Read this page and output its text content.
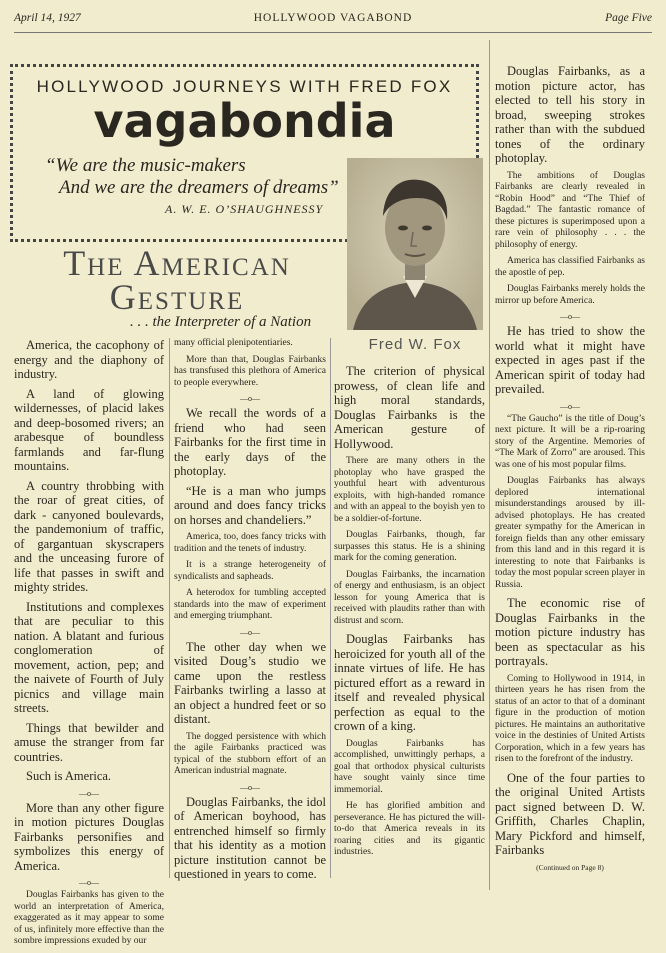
April 14, 1927	HOLLYWOOD VAGABOND	Page Five
HOLLYWOOD JOURNEYS WITH FRED FOX
vagabondia
“We are the music-makers
And we are the dreamers of dreams”
A. W. E. O’SHAUGHNESSY
Fred W. Fox
The American
Gesture
. . . the Interpreter of a Nation

America, the cacophony of energy and the diaphony of industry.

A land of glowing wildernesses, of placid lakes and deep-bosomed rivers; an arabesque of boundless farmlands and far-flung mountains.

A country throbbing with the roar of great cities, of dark - canyoned boulevards, the pandemonium of traffic, of gargantuan skyscrapers and the unceasing furore of life that passes in swift and mighty strides.

Institutions and complexes that are peculiar to this nation. A blatant and furious conglomeration of movement, action, pep; and the naivete of Fourth of July picnics and village main streets.

Things that bewilder and amuse the stranger from far countries.

Such is America.

—o—

More than any other figure in motion pictures Douglas Fairbanks personifies and symbolizes this energy of America.

—o—

Douglas Fairbanks has given to the world an interpretation of America, exaggerated as it may appear to some of us, infinitely more effective than the sombre impressions exuded by our

many official plenipotentiaries.

More than that, Douglas Fairbanks has transfused this plethora of America to people everywhere.

—o—

We recall the words of a friend who had seen Fairbanks for the first time in the early days of the photoplay.

“He is a man who jumps around and does fancy tricks on horses and chandeliers.”

America, too, does fancy tricks with tradition and the tenets of industry.

It is a strange heterogeneity of syndicalists and sapheads.

A heterodox for tumbling accepted standards into the maw of experiment and emerging triumphant.

—o—

The other day when we visited Doug’s studio we came upon the restless Fairbanks twirling a lasso at an object a hundred feet or so distant.

The dogged persistence with which the agile Fairbanks practiced was typical of the stubborn effort of an American industrial magnate.

—o—

Douglas Fairbanks, the idol of American boyhood, has entrenched himself so firmly that his identity as a motion picture institution cannot be questioned in years to come.

The criterion of physical prowess, of clean life and high moral standards, Douglas Fairbanks is the American gesture of Hollywood.

There are many others in the photoplay who have grasped the youthful heart with adventurous exploits, with high-handed romance and with an appeal to the boyish yen to be a soldier-of-fortune.

Douglas Fairbanks, though, far surpasses this status. He is a shining mark for the coming generation.

Douglas Fairbanks, the incarnation of energy and enthusiasm, is an object lesson for young America that is received with plaudits rather than with distrust and scorn.

Douglas Fairbanks has heroicized for youth all of the innate virtues of life. He has pictured effort as a reward in itself and revealed physical perfection as equal to the crown of a king.

Douglas Fairbanks has accomplished, unwittingly perhaps, a goal that orthodox physical culturists have sought vainly since time immemorial.

He has glorified ambition and perseverance. He has pictured the will-to-do that America reveals in its roaring cities and its gigantic industries.

Douglas Fairbanks, as a motion picture actor, has elected to tell his story in broad, sweeping strokes rather than with the subdued tones of the ordinary photoplay.

The ambitions of Douglas Fairbanks are clearly revealed in “Robin Hood” and “The Thief of Bagdad.” The fantastic romance of these pictures is superimposed upon a rare vein of philosophy . . . the philosophy of energy.

America has classified Fairbanks as the apostle of pep.

Douglas Fairbanks merely holds the mirror up before America.

—o—

He has tried to show the world what it might have expected in ages past if the American spirit of today had prevailed.

—o—

“The Gaucho” is the title of Doug’s next picture. It will be a rip-roaring story of the Argentine. Memories of “The Mark of Zorro” are aroused. This was one of his most popular films.

Douglas Fairbanks has always deplored international misunderstandings aroused by ill-advised photoplays. He has created greater sympathy for the American in foreign fields than any other emissary from this land and in this regard it is interesting to note that Fairbanks is today the most popular screen player in Russia.

The economic rise of Douglas Fairbanks in the motion picture industry has been as spectacular as his portrayals.

Coming to Hollywood in 1914, in thirteen years he has risen from the status of an actor to that of a dominant figure in the production of motion pictures. He maintains an authoritative voice in the destinies of United Artists Corporation, which in a few years has risen to the forefront of the industry.

One of the four parties to the original United Artists pact signed between D. W. Griffith, Charles Chaplin, Mary Pickford and himself, Fairbanks

(Continued on Page 8)
